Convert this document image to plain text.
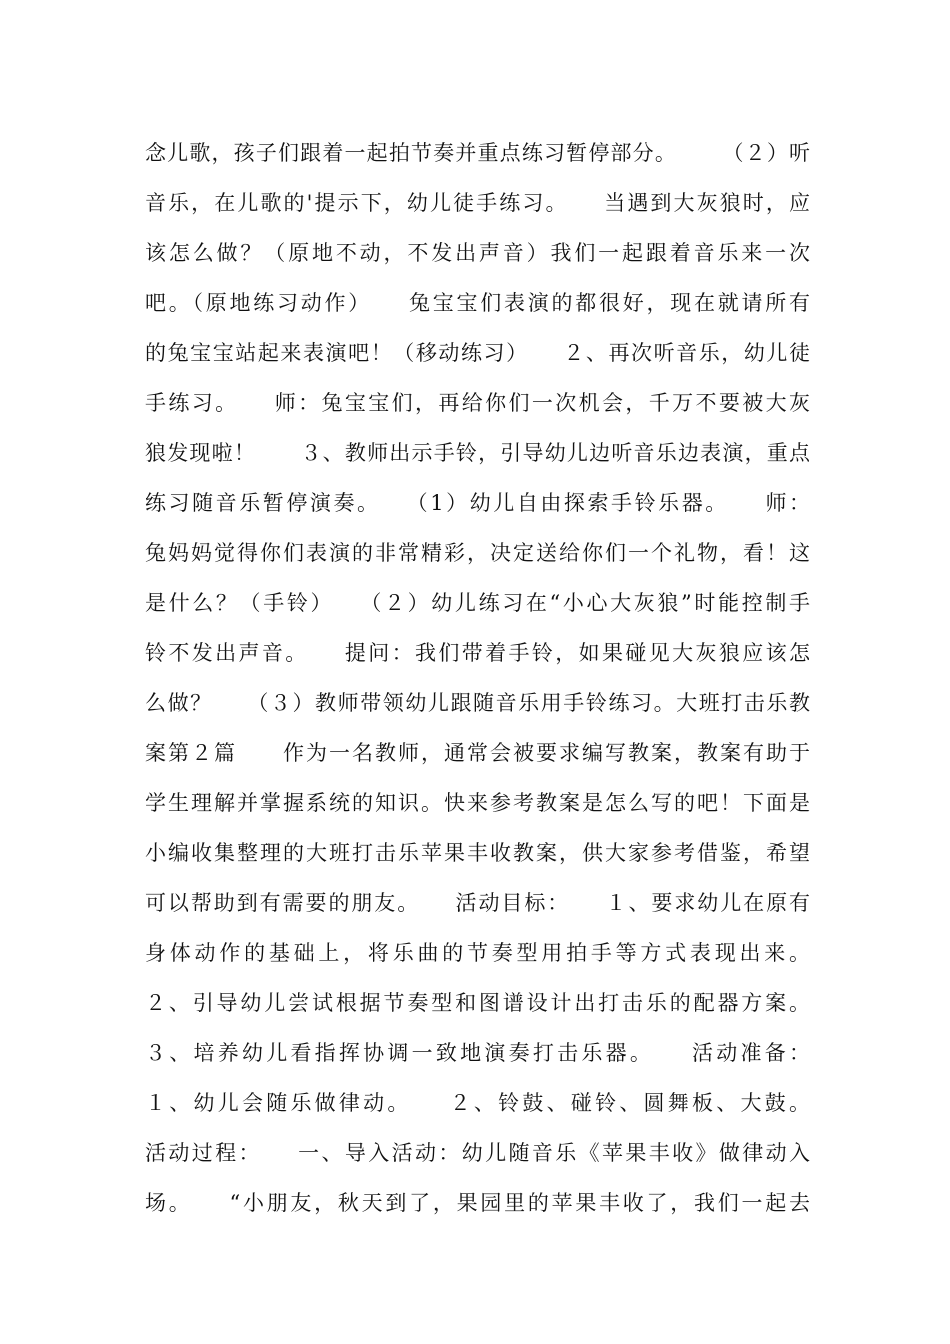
念儿歌，孩子们跟着一起拍节奏并重点练习暂停部分。　　　（２）听
音乐，在儿歌的'提示下，幼儿徒手练习。　　当遇到大灰狼时，应
该怎么做？（原地不动，不发出声音）我们一起跟着音乐来一次
吧。（原地练习动作）　　兔宝宝们表演的都很好，现在就请所有
的兔宝宝站起来表演吧！（移动练习）　　２、再次听音乐，幼儿徒
手练习。　　师：兔宝宝们，再给你们一次机会，千万不要被大灰
狼发现啦！　　３、教师出示手铃，引导幼儿边听音乐边表演，重点
练习随音乐暂停演奏。　　（1）幼儿自由探索手铃乐器。　　师：
兔妈妈觉得你们表演的非常精彩，决定送给你们一个礼物，看！这
是什么？（手铃）　　（２）幼儿练习在“小心大灰狼”时能控制手
铃不发出声音。　　提问：我们带着手铃，如果碰见大灰狼应该怎
么做？　　（３）教师带领幼儿跟随音乐用手铃练习。大班打击乐教
案第２篇　　作为一名教师，通常会被要求编写教案，教案有助于
学生理解并掌握系统的知识。快来参考教案是怎么写的吧！下面是
小编收集整理的大班打击乐苹果丰收教案，供大家参考借鉴，希望
可以帮助到有需要的朋友。　　活动目标：　　１、要求幼儿在原有
身体动作的基础上，将乐曲的节奏型用拍手等方式表现出来。
２、引导幼儿尝试根据节奏型和图谱设计出打击乐的配器方案。
３、培养幼儿看指挥协调一致地演奏打击乐器。　　活动准备：
１、幼儿会随乐做律动。　　２、铃鼓、碰铃、圆舞板、大鼓。
活动过程：　　一、导入活动：幼儿随音乐《苹果丰收》做律动入
场。　　“小朋友，秋天到了，果园里的苹果丰收了，我们一起去
